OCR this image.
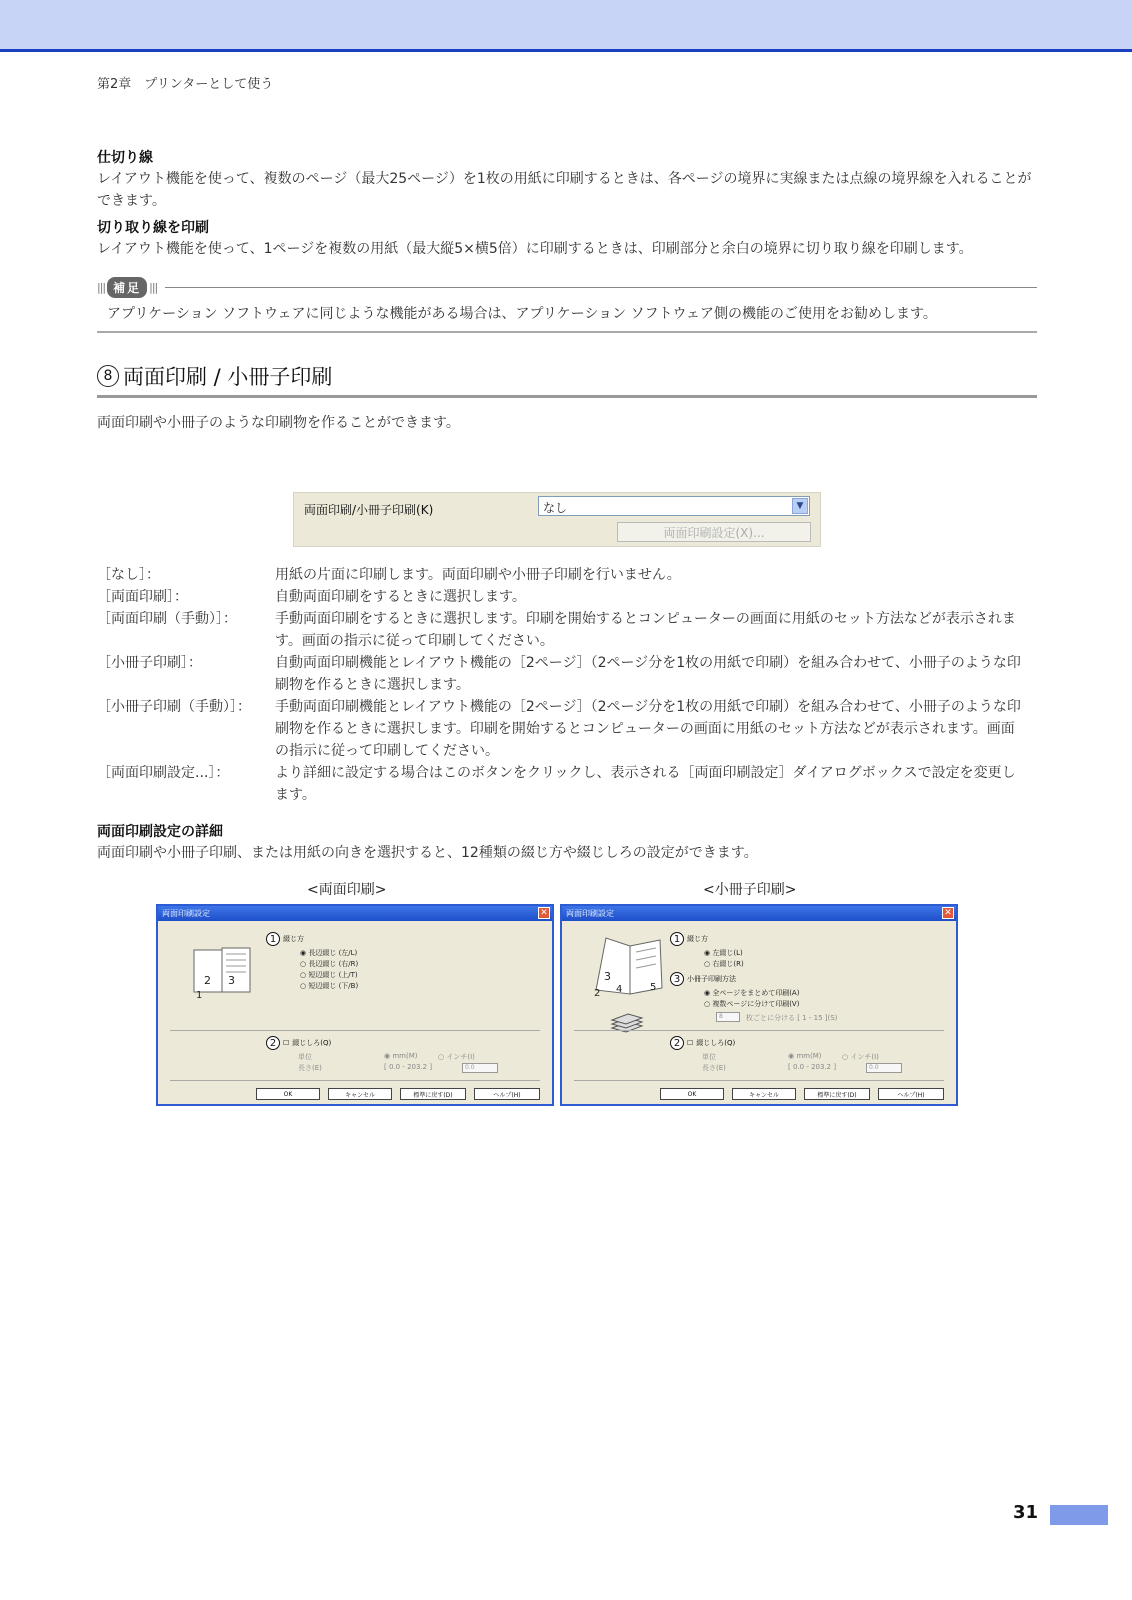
第2章　プリンターとして使う
仕切り線
レイアウト機能を使って、複数のページ（最大25ページ）を1枚の用紙に印刷するときは、各ページの境界に実線または点線の境界線を入れることができます。
切り取り線を印刷
レイアウト機能を使って、1ページを複数の用紙（最大縦5×横5倍）に印刷するときは、印刷部分と余白の境界に切り取り線を印刷します。
||| 補足 |||
アプリケーション ソフトウェアに同じような機能がある場合は、アプリケーション ソフトウェア側の機能のご使用をお勧めします。
8 両面印刷 / 小冊子印刷
両面印刷や小冊子のような印刷物を作ることができます。
両面印刷/小冊子印刷(K)	なし	▼
両面印刷設定(X)...
［なし］：	用紙の片面に印刷します。両面印刷や小冊子印刷を行いません。
［両面印刷］：	自動両面印刷をするときに選択します。
［両面印刷（手動）］：	手動両面印刷をするときに選択します。印刷を開始するとコンピューターの画面に用紙のセット方法などが表示されます。画面の指示に従って印刷してください。
［小冊子印刷］：	自動両面印刷機能とレイアウト機能の［2ページ］（2ページ分を1枚の用紙で印刷）を組み合わせて、小冊子のような印刷物を作るときに選択します。
［小冊子印刷（手動）］：	手動両面印刷機能とレイアウト機能の［2ページ］（2ページ分を1枚の用紙で印刷）を組み合わせて、小冊子のような印刷物を作るときに選択します。印刷を開始するとコンピューターの画面に用紙のセット方法などが表示されます。画面の指示に従って印刷してください。
［両面印刷設定...］：	より詳細に設定する場合はこのボタンをクリックし、表示される［両面印刷設定］ダイアログボックスで設定を変更します。
両面印刷設定の詳細
両面印刷や小冊子印刷、または用紙の向きを選択すると、12種類の綴じ方や綴じしろの設定ができます。
<両面印刷>	<小冊子印刷>
両面印刷設定	✕
2 3
1
1 綴じ方
◉ 長辺綴じ (左/L)
○ 長辺綴じ (右/R)
○ 短辺綴じ (上/T)
○ 短辺綴じ (下/B)
2 ☐ 綴じしろ(Q)
単位
長さ(E)
◉ mm(M)	○ インチ(I)
[ 0.0 - 203.2 ]	0.0
OK	キャンセル	標準に戻す(D)	ヘルプ(H)
両面印刷設定	✕
3
2 4	5
1 綴じ方
◉ 左綴じ(L)
○ 右綴じ(R)
3 小冊子印刷方法
◉ 全ページをまとめて印刷(A)
○ 複数ページに分けて印刷(V)
8	枚ごとに分ける [ 1 - 15 ](S)
2 ☐ 綴じしろ(Q)
単位
長さ(E)
◉ mm(M)	○ インチ(I)
[ 0.0 - 203.2 ]	0.0
OK	キャンセル	標準に戻す(D)	ヘルプ(H)
31
